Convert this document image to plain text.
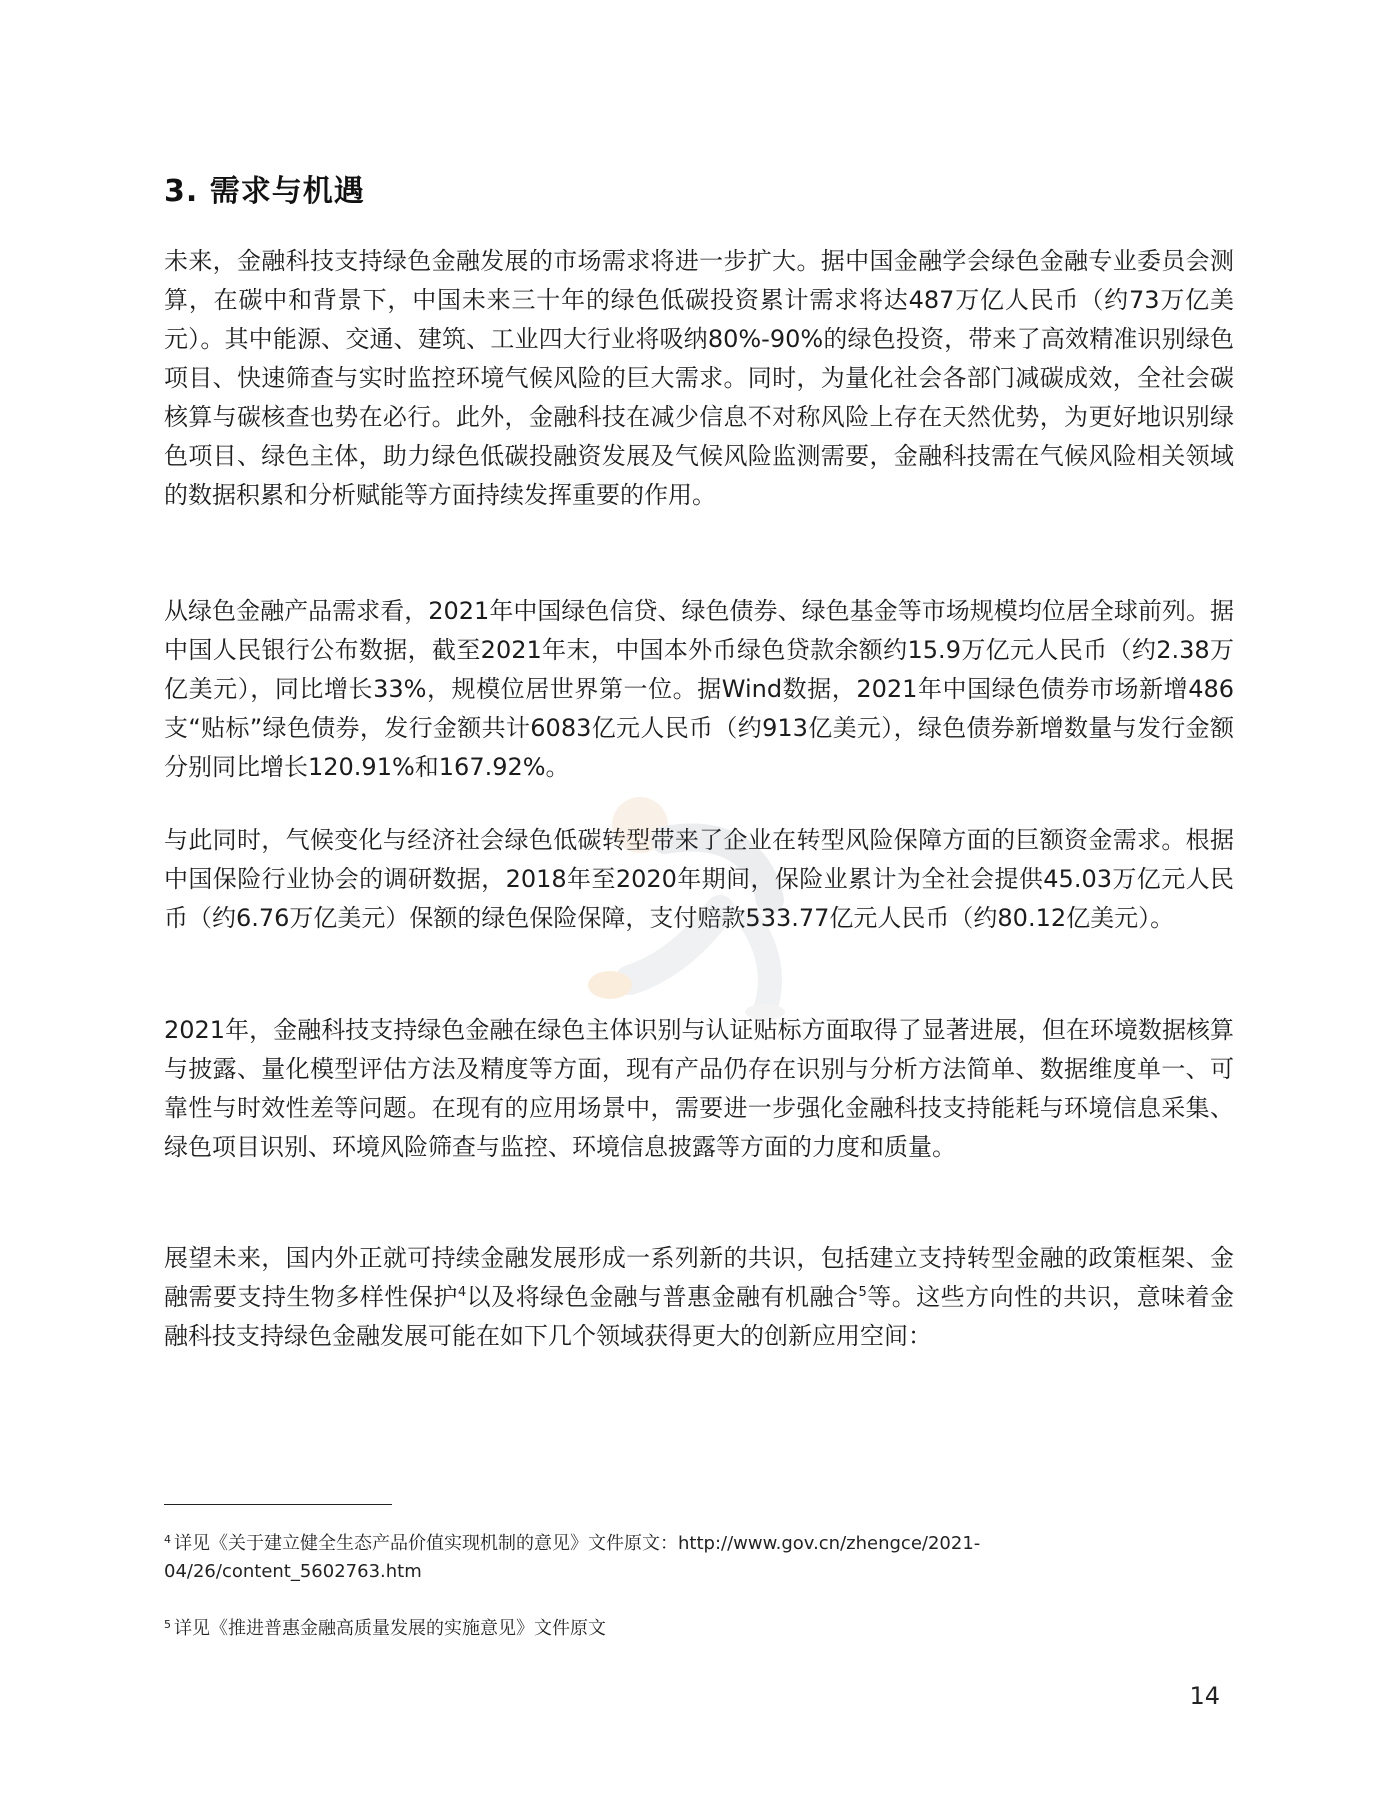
3. 需求与机遇

未来，金融科技支持绿色金融发展的市场需求将进一步扩大。据中国金融学会绿色金融专业委员会测算，在碳中和背景下，中国未来三十年的绿色低碳投资累计需求将达487万亿人民币（约73万亿美元）。其中能源、交通、建筑、工业四大行业将吸纳80%-90%的绿色投资，带来了高效精准识别绿色项目、快速筛查与实时监控环境气候风险的巨大需求。同时，为量化社会各部门减碳成效，全社会碳核算与碳核查也势在必行。此外，金融科技在减少信息不对称风险上存在天然优势，为更好地识别绿色项目、绿色主体，助力绿色低碳投融资发展及气候风险监测需要，金融科技需在气候风险相关领域的数据积累和分析赋能等方面持续发挥重要的作用。

从绿色金融产品需求看，2021年中国绿色信贷、绿色债券、绿色基金等市场规模均位居全球前列。据中国人民银行公布数据，截至2021年末，中国本外币绿色贷款余额约15.9万亿元人民币（约2.38万亿美元），同比增长33%，规模位居世界第一位。据Wind数据，2021年中国绿色债券市场新增486支“贴标”绿色债券，发行金额共计6083亿元人民币（约913亿美元），绿色债券新增数量与发行金额分别同比增长120.91%和167.92%。

与此同时，气候变化与经济社会绿色低碳转型带来了企业在转型风险保障方面的巨额资金需求。根据中国保险行业协会的调研数据，2018年至2020年期间，保险业累计为全社会提供45.03万亿元人民币（约6.76万亿美元）保额的绿色保险保障，支付赔款533.77亿元人民币（约80.12亿美元）。

2021年，金融科技支持绿色金融在绿色主体识别与认证贴标方面取得了显著进展，但在环境数据核算与披露、量化模型评估方法及精度等方面，现有产品仍存在识别与分析方法简单、数据维度单一、可靠性与时效性差等问题。在现有的应用场景中，需要进一步强化金融科技支持能耗与环境信息采集、绿色项目识别、环境风险筛查与监控、环境信息披露等方面的力度和质量。

展望未来，国内外正就可持续金融发展形成一系列新的共识，包括建立支持转型金融的政策框架、金融需要支持生物多样性保护$^4$以及将绿色金融与普惠金融有机融合$^5$等。这些方向性的共识，意味着金融科技支持绿色金融发展可能在如下几个领域获得更大的创新应用空间：

$^4$ 详见《关于建立健全生态产品价值实现机制的意见》文件原文：http://www.gov.cn/zhengce/2021-04/26/content_5602763.htm

$^5$ 详见《推进普惠金融高质量发展的实施意见》文件原文

14
